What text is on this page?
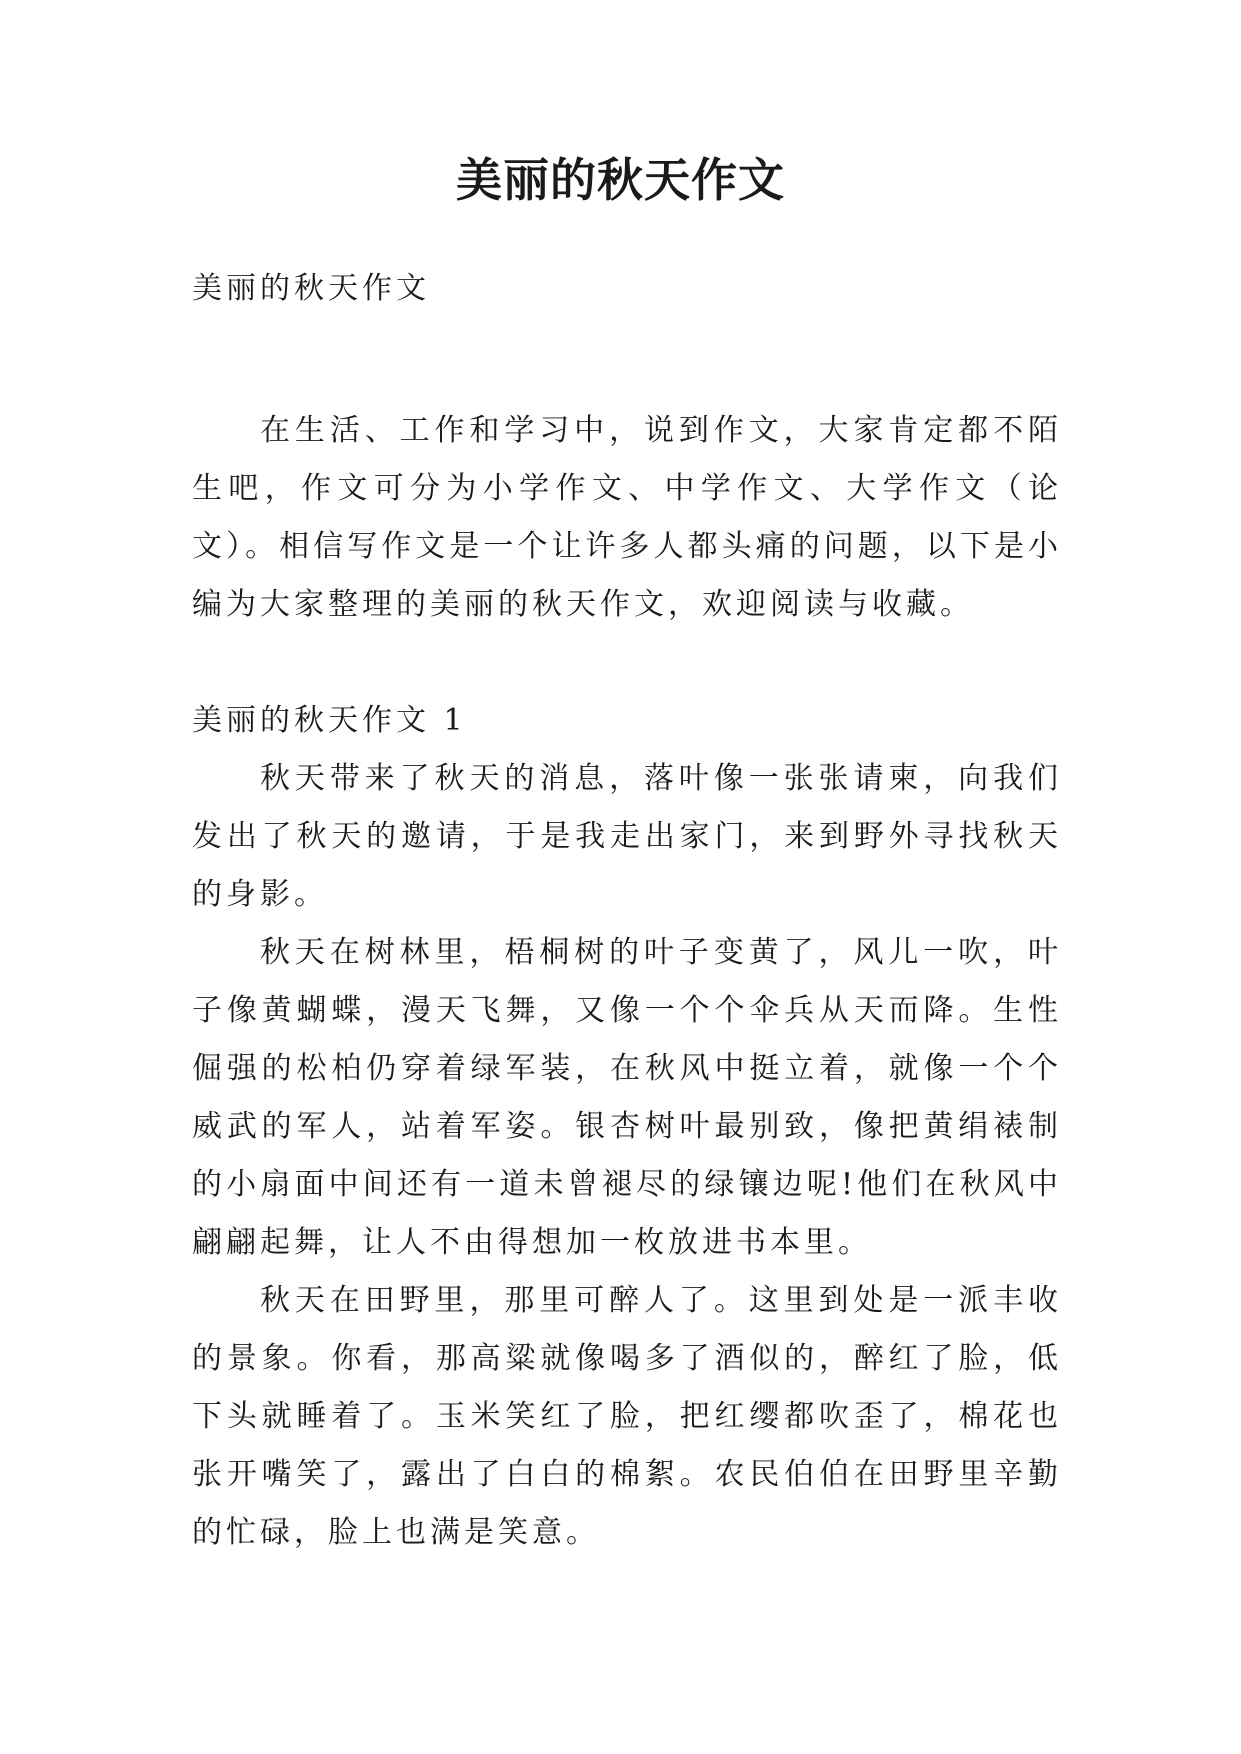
美丽的秋天作文
美丽的秋天作文

在生活、工作和学习中，说到作文，大家肯定都不陌生吧，作文可分为小学作文、中学作文、大学作文（论文）。相信写作文是一个让许多人都头痛的问题，以下是小编为大家整理的美丽的秋天作文，欢迎阅读与收藏。

美丽的秋天作文 1

秋天带来了秋天的消息，落叶像一张张请柬，向我们发出了秋天的邀请，于是我走出家门，来到野外寻找秋天的身影。

秋天在树林里，梧桐树的叶子变黄了，风儿一吹，叶子像黄蝴蝶，漫天飞舞，又像一个个伞兵从天而降。生性倔强的松柏仍穿着绿军装，在秋风中挺立着，就像一个个威武的军人，站着军姿。银杏树叶最别致，像把黄绢裱制的小扇面中间还有一道未曾褪尽的绿镶边呢!他们在秋风中翩翩起舞，让人不由得想加一枚放进书本里。

秋天在田野里，那里可醉人了。这里到处是一派丰收的景象。你看，那高粱就像喝多了酒似的，醉红了脸，低下头就睡着了。玉米笑红了脸，把红缨都吹歪了，棉花也张开嘴笑了，露出了白白的棉絮。农民伯伯在田野里辛勤的忙碌，脸上也满是笑意。
